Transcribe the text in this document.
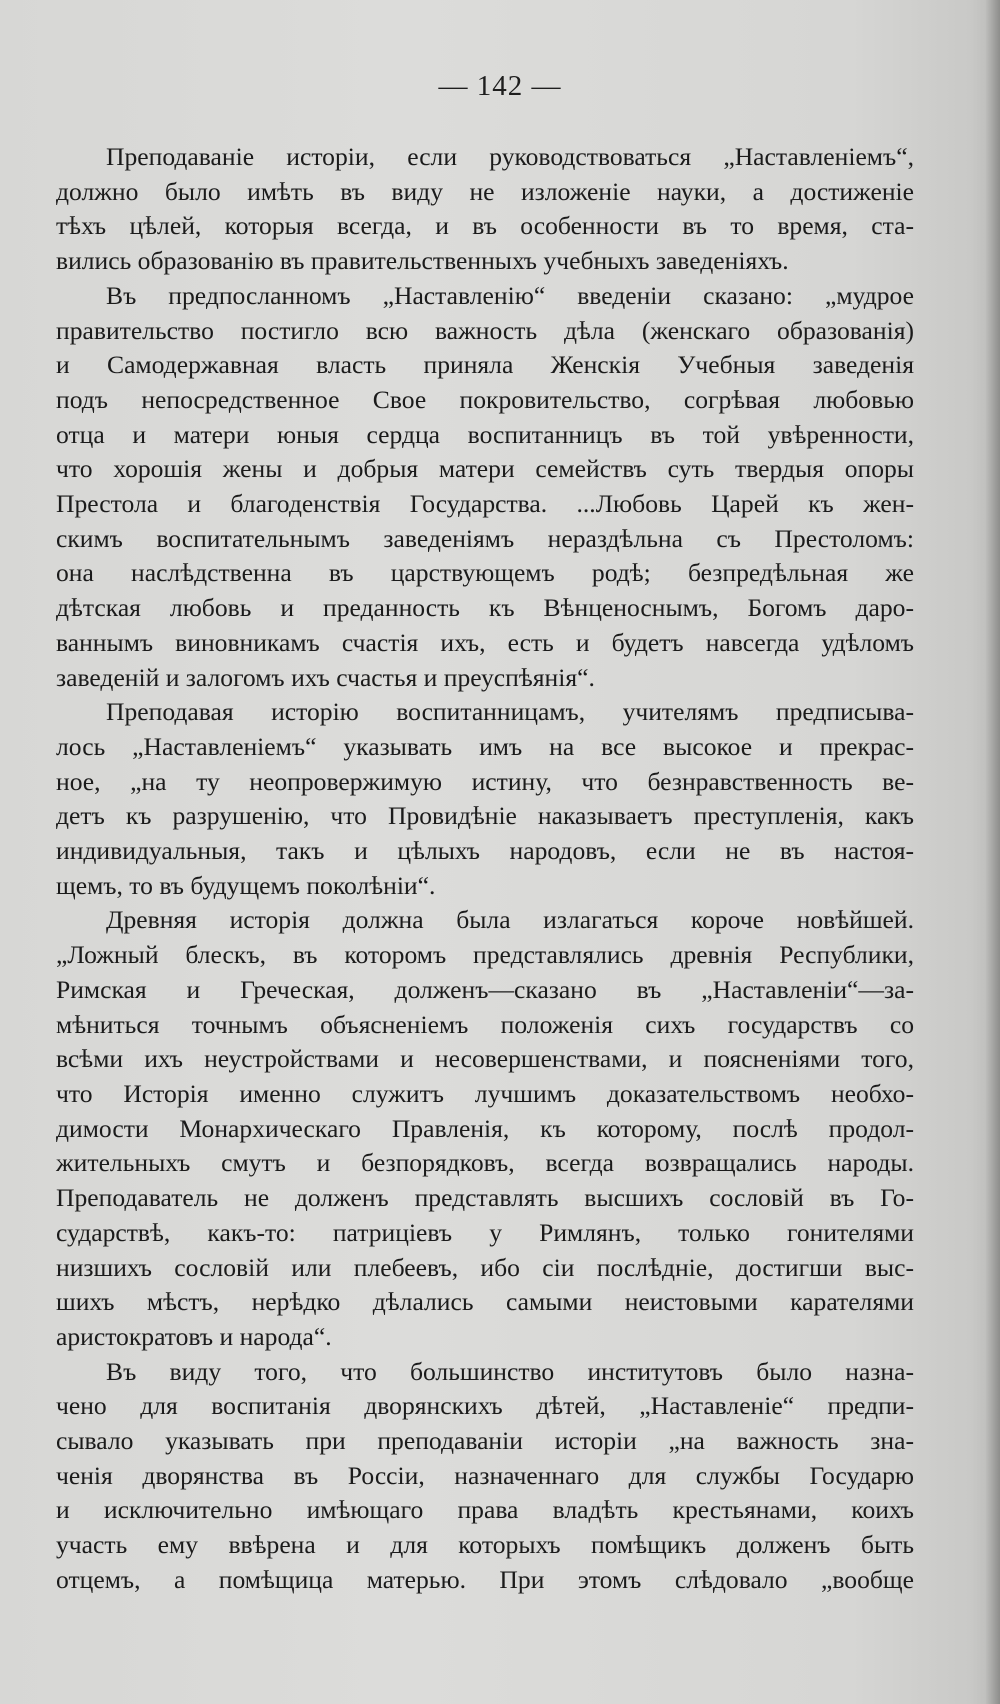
— 142 —

Преподаванiе исторiи, если руководствоваться „Наставленiемъ“,

должно было имѣть въ виду не изложенiе науки, а достиженiе

тѣхъ цѣлей, которыя всегда, и въ особенности въ то время, ста-

вились образованiю въ правительственныхъ учебныхъ заведенiяхъ.

Въ предпосланномъ „Наставленiю“ введенiи сказано: „мудрое

правительство постигло всю важность дѣла (женскаго образованiя)

и Самодержавная власть приняла Женскiя Учебныя заведенiя

подъ непосредственное Свое покровительство, согрѣвая любовью

отца и матери юныя сердца воспитанницъ въ той увѣренности,

что хорошiя жены и добрыя матери семействъ суть твердыя опоры

Престола и благоденствiя Государства. ...Любовь Царей къ жен-

скимъ воспитательнымъ заведенiямъ нераздѣльна съ Престоломъ:

она наслѣдственна въ царствующемъ родѣ; безпредѣльная же

дѣтская любовь и преданность къ Вѣнценоснымъ, Богомъ даро-

ваннымъ виновникамъ счастiя ихъ, есть и будетъ навсегда удѣломъ

заведенiй и залогомъ ихъ счастья и преуспѣянiя“.

Преподавая исторiю воспитанницамъ, учителямъ предписыва-

лось „Наставленiемъ“ указывать имъ на все высокое и прекрас-

ное, „на ту неопровержимую истину, что безнравственность ве-

детъ къ разрушенiю, что Провидѣнiе наказываетъ преступленiя, какъ

индивидуальныя, такъ и цѣлыхъ народовъ, если не въ настоя-

щемъ, то въ будущемъ поколѣнiи“.

Древняя исторiя должна была излагаться короче новѣйшей.

„Ложный блескъ, въ которомъ представлялись древнiя Республики,

Римская и Греческая, долженъ—сказано въ „Наставленiи“—за-

мѣниться точнымъ объясненiемъ положенiя сихъ государствъ со

всѣми ихъ неустройствами и несовершенствами, и поясненiями того,

что Исторiя именно служитъ лучшимъ доказательствомъ необхо-

димости Монархическаго Правленiя, къ которому, послѣ продол-

жительныхъ смутъ и безпорядковъ, всегда возвращались народы.

Преподаватель не долженъ представлять высшихъ сословiй въ Го-

сударствѣ, какъ-то: патрицiевъ у Римлянъ, только гонителями

низшихъ сословiй или плебеевъ, ибо сiи послѣднiе, достигши выс-

шихъ мѣстъ, нерѣдко дѣлались самыми неистовыми карателями

аристократовъ и народа“.

Въ виду того, что большинство институтовъ было назна-

чено для воспитанiя дворянскихъ дѣтей, „Наставленiе“ предпи-

сывало указывать при преподаванiи исторiи „на важность зна-

ченiя дворянства въ Россiи, назначеннаго для службы Государю

и исключительно имѣющаго права владѣть крестьянами, коихъ

участь ему ввѣрена и для которыхъ помѣщикъ долженъ быть

отцемъ, а помѣщица матерью. При этомъ слѣдовало „вообще
